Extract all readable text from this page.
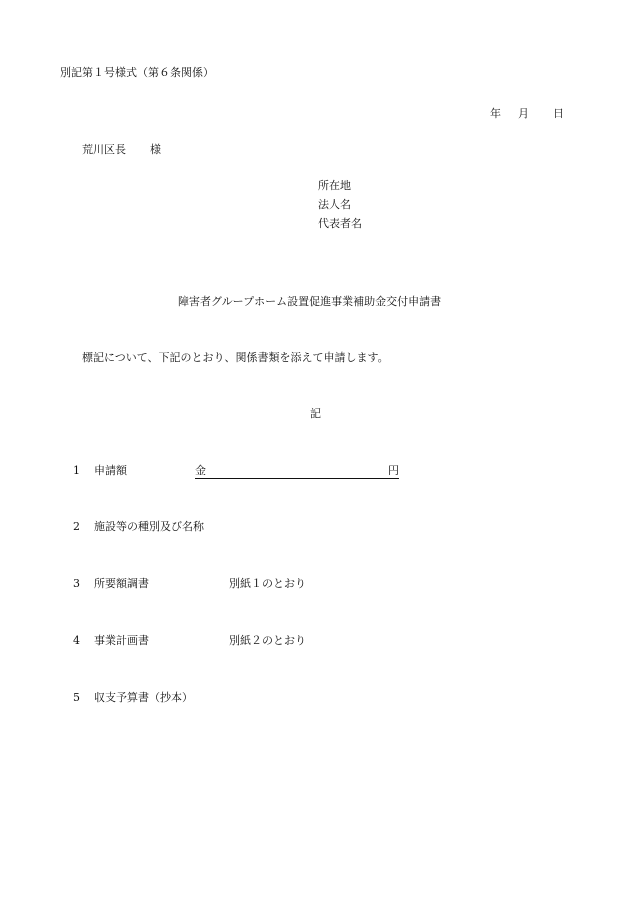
別記第１号様式（第６条関係）
年 月 日
荒川区長 様
所在地
法人名
代表者名
障害者グループホーム設置促進事業補助金交付申請書
標記について、下記のとおり、関係書類を添えて申請します。
記
1 申請額	金	円
2 施設等の種別及び名称
3 所要額調書	別紙１のとおり
4 事業計画書	別紙２のとおり
5 収支予算書（抄本）
